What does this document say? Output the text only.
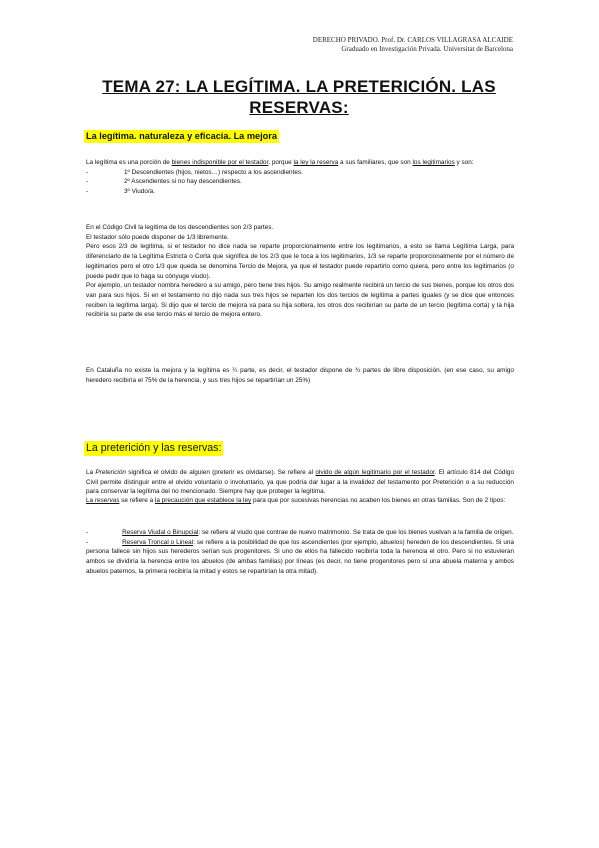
DERECHO PRIVADO. Prof. Dr. CARLOS VILLAGRASA ALCAIDE
Graduado en Investigación Privada. Universitat de Barcelona
TEMA 27: LA LEGÍTIMA. LA PRETERICIÓN. LAS RESERVAS:
La legítima. naturaleza y eficacia. La mejora

La legítima es una porción de bienes indisponible por el testador, porque la ley la reserva a sus familiares, que son los legitimarios y son:

-	1º Descendientes (hijos, nietos…) respecto a los ascendientes.
-	2º Ascendientes si no hay descendientes.
-	3º Viudo/a.

En el Código Civil la legítima de los descendientes son 2/3 partes.

El testador sólo puede disponer de 1/3 libremente.

Pero esos 2/3 de legítima, si el testador no dice nada se reparte proporcionalmente entre los legitimarios, a esto se llama Legítima Larga, para diferenciarlo de la Legítima Estricta o Corta que significa de los 2/3 que le toca a los legitimarios, 1/3 se reparte proporcionalmente por el número de legitimarios pero el otro 1/3 que queda se denomina Tercio de Mejora, ya que el testador puede repartirlo como quiera, pero entre los legitimarios (o puede pedir que lo haga su cónyuge viudo).

Por ejemplo, un testador nombra heredero a su amigo, pero tiene tres hijos. Su amigo realmente recibirá un tercio de sus bienes, porque los otros dos van para sus hijos. Si en el testamento no dijo nada sus tres hijos se reparten los dos tercios de legítima a partes iguales (y se dice que entonces reciben la legítima larga). Si dijo que el tercio de mejora va para su hija soltera, los otros dos recibirían su parte de un tercio (legítima corta) y la hija recibiría su parte de ese tercio más el tercio de mejora entero.

En Cataluña no existe la mejora y la legítima es ¼ parte, es decir, el testador dispone de ¾ partes de libre disposición. (en ese caso, su amigo heredero recibiría el 75% de la herencia, y sus tres hijos se repartirían un 25%)

La preterición y las reservas:

La Preterición significa el olvido de alguien (preterir es olvidarse). Se refiere al olvido de algún legitimario por el testador. El artículo 814 del Código Civil permite distinguir entre el olvido voluntario o involuntario, ya que podría dar lugar a la invalidez del testamento por Preterición o a su reducción para conservar la legítima del no mencionado. Siempre hay que proteger la legítima.

La reservas se refiere a la precaución que establece la ley para que por sucesivas herencias no acaben los bienes en otras familias. Son de 2 tipos:

-	Reserva Viudal o Binupcial: se refiere al viudo que contrae de nuevo matrimonio. Se trata de que los bienes vuelvan a la familia de origen.

-	Reserva Troncal o Lineal: se refiere a la posibilidad de que los ascendientes (por ejemplo, abuelos) hereden de los descendientes. Si una persona fallece sin hijos sus herederos serían sus progenitores. Si uno de ellos ha fallecido recibiría toda la herencia el otro. Pero si no estuvieran ambos se dividiría la herencia entre los abuelos (de ambas familias) por líneas (es decir, no tiene progenitores pero sí una abuela materna y ambos abuelos paternos, la primera recibiría la mitad y estos se repartirían la otra mitad).
